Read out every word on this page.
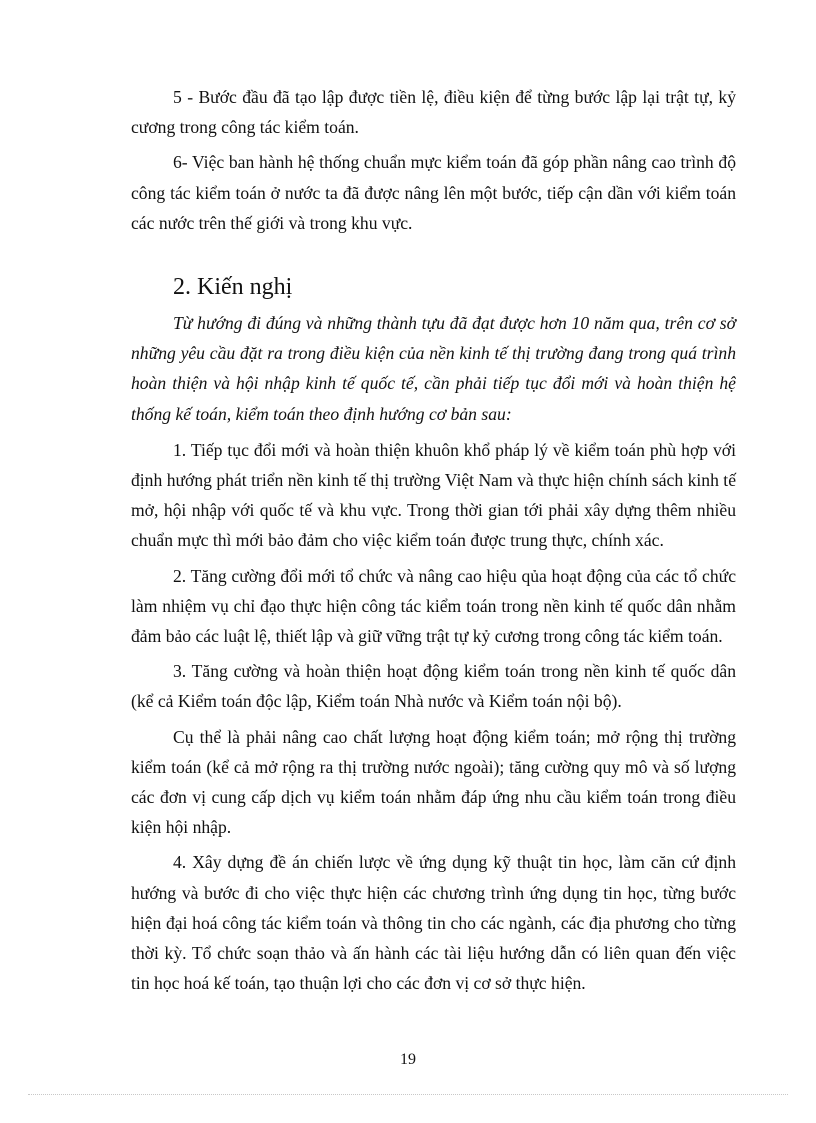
5 - Bước đầu đã tạo lập được tiền lệ, điều kiện để từng bước lập lại trật tự, kỷ cương trong công tác kiểm toán.

6- Việc ban hành hệ thống chuẩn mực kiểm toán đã góp phần nâng cao trình độ công tác kiểm toán ở nước ta đã được nâng lên một bước, tiếp cận dần với kiểm toán các nước trên thế giới và trong khu vực.

2. Kiến nghị

Từ hướng đi đúng và những thành tựu đã đạt được hơn 10 năm qua, trên cơ sở những yêu cầu đặt ra trong điều kiện của nền kinh tế thị trường đang trong quá trình hoàn thiện và hội nhập kinh tế quốc tế, cần phải tiếp tục đổi mới và hoàn thiện hệ thống kế toán, kiểm toán theo định hướng cơ bản sau:

1. Tiếp tục đổi mới và hoàn thiện khuôn khổ pháp lý về kiểm toán phù hợp với định hướng phát triển nền kinh tế thị trường Việt Nam và thực hiện chính sách kinh tế mở, hội nhập với quốc tế và khu vực. Trong thời gian tới phải xây dựng thêm nhiều chuẩn mực thì mới bảo đảm cho việc kiểm toán được trung thực, chính xác.

2. Tăng cường đổi mới tổ chức và nâng cao hiệu qủa hoạt động của các tổ chức làm nhiệm vụ chỉ đạo thực hiện công tác kiểm toán trong nền kinh tế quốc dân nhằm đảm bảo các luật lệ, thiết lập và giữ vững trật tự kỷ cương trong công tác kiểm toán.

3. Tăng cường và hoàn thiện hoạt động kiểm toán trong nền kinh tế quốc dân (kể cả Kiểm toán độc lập, Kiểm toán Nhà nước và Kiểm toán nội bộ).

Cụ thể là phải nâng cao chất lượng hoạt động kiểm toán; mở rộng thị trường kiểm toán (kể cả mở rộng ra thị trường nước ngoài); tăng cường quy mô và số lượng các đơn vị cung cấp dịch vụ kiểm toán nhằm đáp ứng nhu cầu kiểm toán trong điều kiện hội nhập.

4. Xây dựng đề án chiến lược về ứng dụng kỹ thuật tin học, làm căn cứ định hướng và bước đi cho việc thực hiện các chương trình ứng dụng tin học, từng bước hiện đại hoá công tác kiểm toán và thông tin cho các ngành, các địa phương cho từng thời kỳ. Tổ chức soạn thảo và ấn hành các tài liệu hướng dẫn có liên quan đến việc tin học hoá kế toán, tạo thuận lợi cho các đơn vị cơ sở thực hiện.

19
